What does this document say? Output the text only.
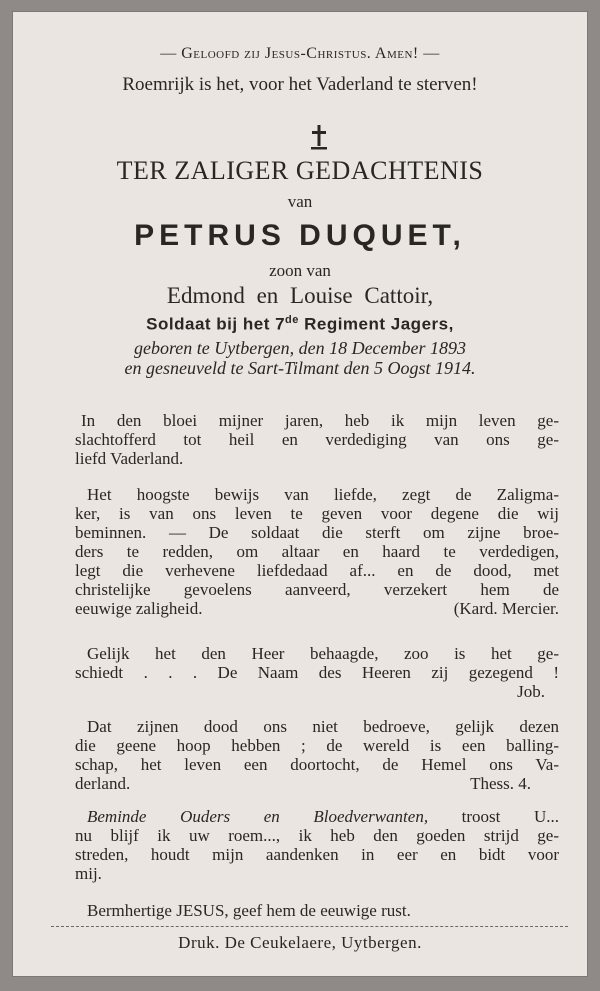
— Geloofd zij Jesus-Christus. Amen! —
Roemrijk is het, voor het Vaderland te sterven!
TER ZALIGER GEDACHTENIS
van
PETRUS DUQUET,
zoon van
Edmond en Louise Cattoir,
Soldaat bij het 7de Regiment Jagers,
geboren te Uytbergen, den 18 December 1893
en gesneuveld te Sart-Tilmant den 5 Oogst 1914.
In den bloei mijner jaren, heb ik mijn leven ge-
slachtofferd tot heil en verdediging van ons ge-
liefd Vaderland.
Het hoogste bewijs van liefde, zegt de Zaligma-
ker, is van ons leven te geven voor degene die wij
beminnen. — De soldaat die sterft om zijne broe-
ders te redden, om altaar en haard te verdedigen,
legt die verhevene liefdedaad af... en de dood, met
christelijke gevoelens aanveerd, verzekert hem de
eeuwige zaligheid.	(Kard. Mercier.
Gelijk het den Heer behaagde, zoo is het ge-
schiedt . . . De Naam des Heeren zij gezegend !
Job.
Dat zijnen dood ons niet bedroeve, gelijk dezen
die geene hoop hebben ; de wereld is een balling-
schap, het leven een doortocht, de Hemel ons Va-
derland.	Thess. 4.
Beminde Ouders en Bloedverwanten, troost U...
nu blijf ik uw roem..., ik heb den goeden strijd ge-
streden, houdt mijn aandenken in eer en bidt voor
mij.
Bermhertige JESUS, geef hem de eeuwige rust.
Druk. De Ceukelaere, Uytbergen.
